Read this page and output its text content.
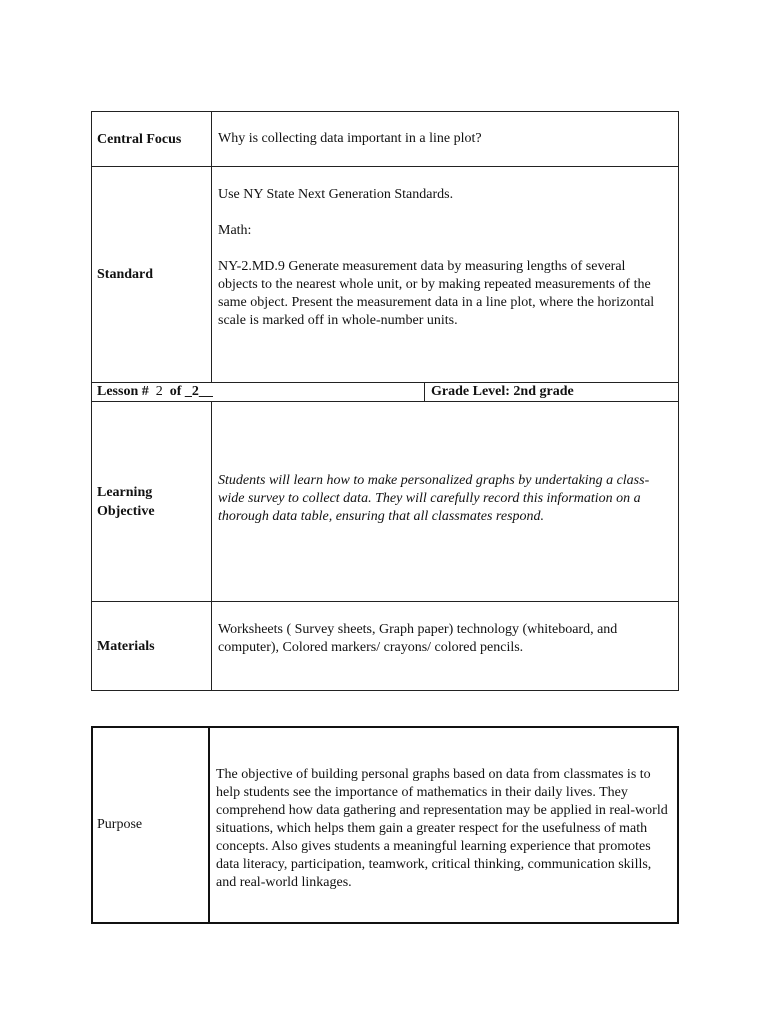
Central Focus	Why is collecting data important in a line plot?
Standard

Use NY State Next Generation Standards.

Math:

NY-2.MD.9 Generate measurement data by measuring lengths of several objects to the nearest whole unit, or by making repeated measurements of the same object. Present the measurement data in a line plot, where the horizontal scale is marked off in whole-number units.

Lesson # 2 of _2__	Grade Level: 2nd grade
Learning
Objective
Students will learn how to make personalized graphs by undertaking a class-wide survey to collect data. They will carefully record this information on a thorough data table, ensuring that all classmates respond.
Materials
Worksheets ( Survey sheets, Graph paper) technology (whiteboard, and computer), Colored markers/ crayons/ colored pencils.
Purpose
The objective of building personal graphs based on data from classmates is to help students see the importance of mathematics in their daily lives. They comprehend how data gathering and representation may be applied in real-world situations, which helps them gain a greater respect for the usefulness of math concepts. Also gives students a meaningful learning experience that promotes data literacy, participation, teamwork, critical thinking, communication skills, and real-world linkages.
